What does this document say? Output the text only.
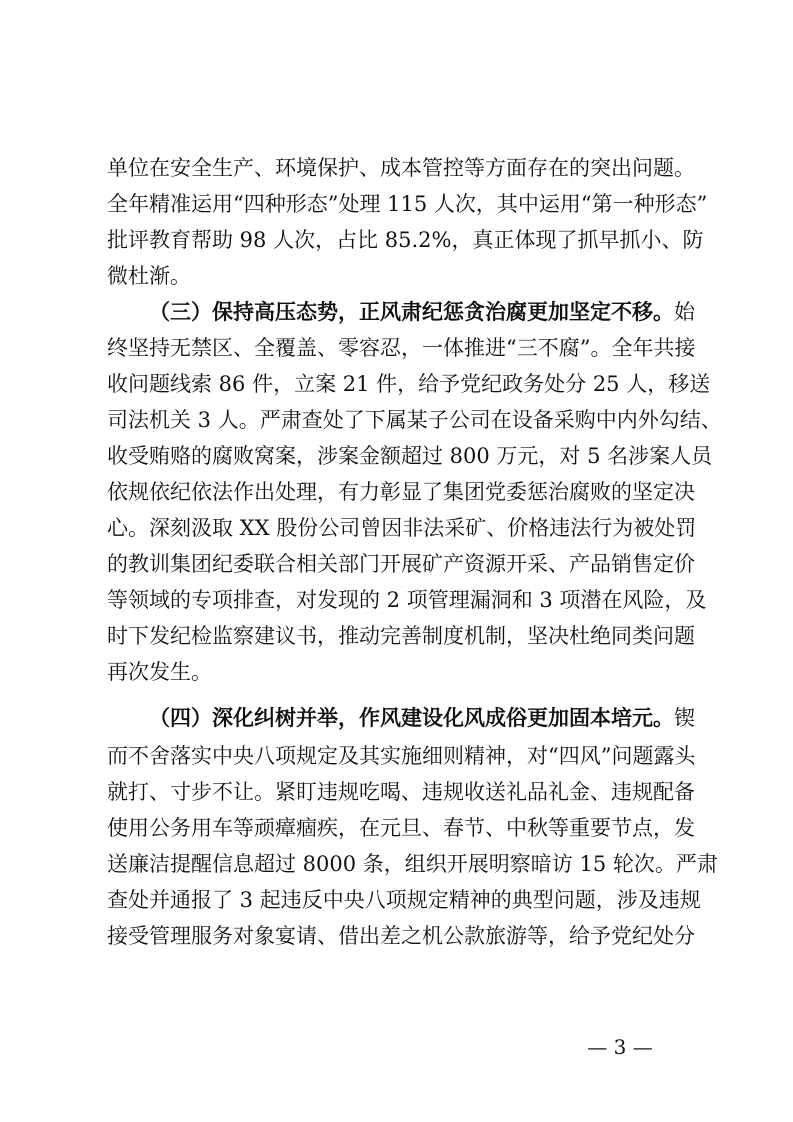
单位在安全生产、环境保护、成本管控等方面存在的突出问题。
全年精准运用“四种形态”处理 115 人次，其中运用“第一种形态”
批评教育帮助 98 人次，占比 85.2%，真正体现了抓早抓小、防
微杜渐。
（三）保持高压态势，正风肃纪惩贪治腐更加坚定不移。始
终坚持无禁区、全覆盖、零容忍，一体推进“三不腐”。全年共接
收问题线索 86 件，立案 21 件，给予党纪政务处分 25 人，移送
司法机关 3 人。严肃查处了下属某子公司在设备采购中内外勾结、
收受贿赂的腐败窝案，涉案金额超过 800 万元，对 5 名涉案人员
依规依纪依法作出处理，有力彰显了集团党委惩治腐败的坚定决
心。深刻汲取 XX 股份公司曾因非法采矿、价格违法行为被处罚
的教训集团纪委联合相关部门开展矿产资源开采、产品销售定价
等领域的专项排查，对发现的 2 项管理漏洞和 3 项潜在风险，及
时下发纪检监察建议书，推动完善制度机制，坚决杜绝同类问题
再次发生。
（四）深化纠树并举，作风建设化风成俗更加固本培元。锲
而不舍落实中央八项规定及其实施细则精神，对“四风”问题露头
就打、寸步不让。紧盯违规吃喝、违规收送礼品礼金、违规配备
使用公务用车等顽瘴痼疾，在元旦、春节、中秋等重要节点，发
送廉洁提醒信息超过 8000 条，组织开展明察暗访 15 轮次。严肃
查处并通报了 3 起违反中央八项规定精神的典型问题，涉及违规
接受管理服务对象宴请、借出差之机公款旅游等，给予党纪处分
— 3 —
